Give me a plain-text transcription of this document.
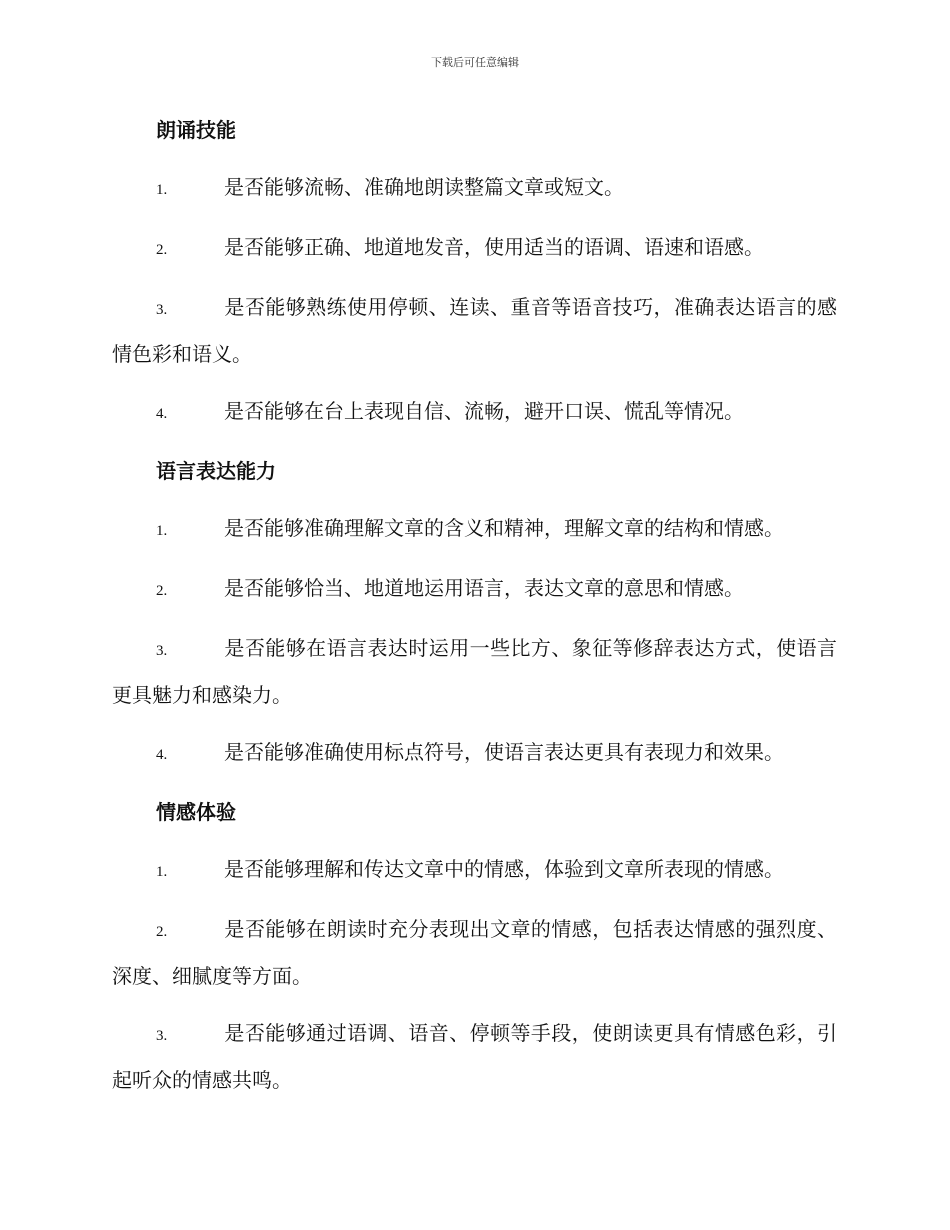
下载后可任意编辑
朗诵技能
1.	是否能够流畅、准确地朗读整篇文章或短文。
2.	是否能够正确、地道地发音，使用适当的语调、语速和语感。
3.	是否能够熟练使用停顿、连读、重音等语音技巧，准确表达语言的感情色彩和语义。
4.	是否能够在台上表现自信、流畅，避开口误、慌乱等情况。
语言表达能力
1.	是否能够准确理解文章的含义和精神，理解文章的结构和情感。
2.	是否能够恰当、地道地运用语言，表达文章的意思和情感。
3.	是否能够在语言表达时运用一些比方、象征等修辞表达方式，使语言更具魅力和感染力。
4.	是否能够准确使用标点符号，使语言表达更具有表现力和效果。
情感体验
1.	是否能够理解和传达文章中的情感，体验到文章所表现的情感。
2.	是否能够在朗读时充分表现出文章的情感，包括表达情感的强烈度、深度、细腻度等方面。
3.	是否能够通过语调、语音、停顿等手段，使朗读更具有情感色彩，引起听众的情感共鸣。
